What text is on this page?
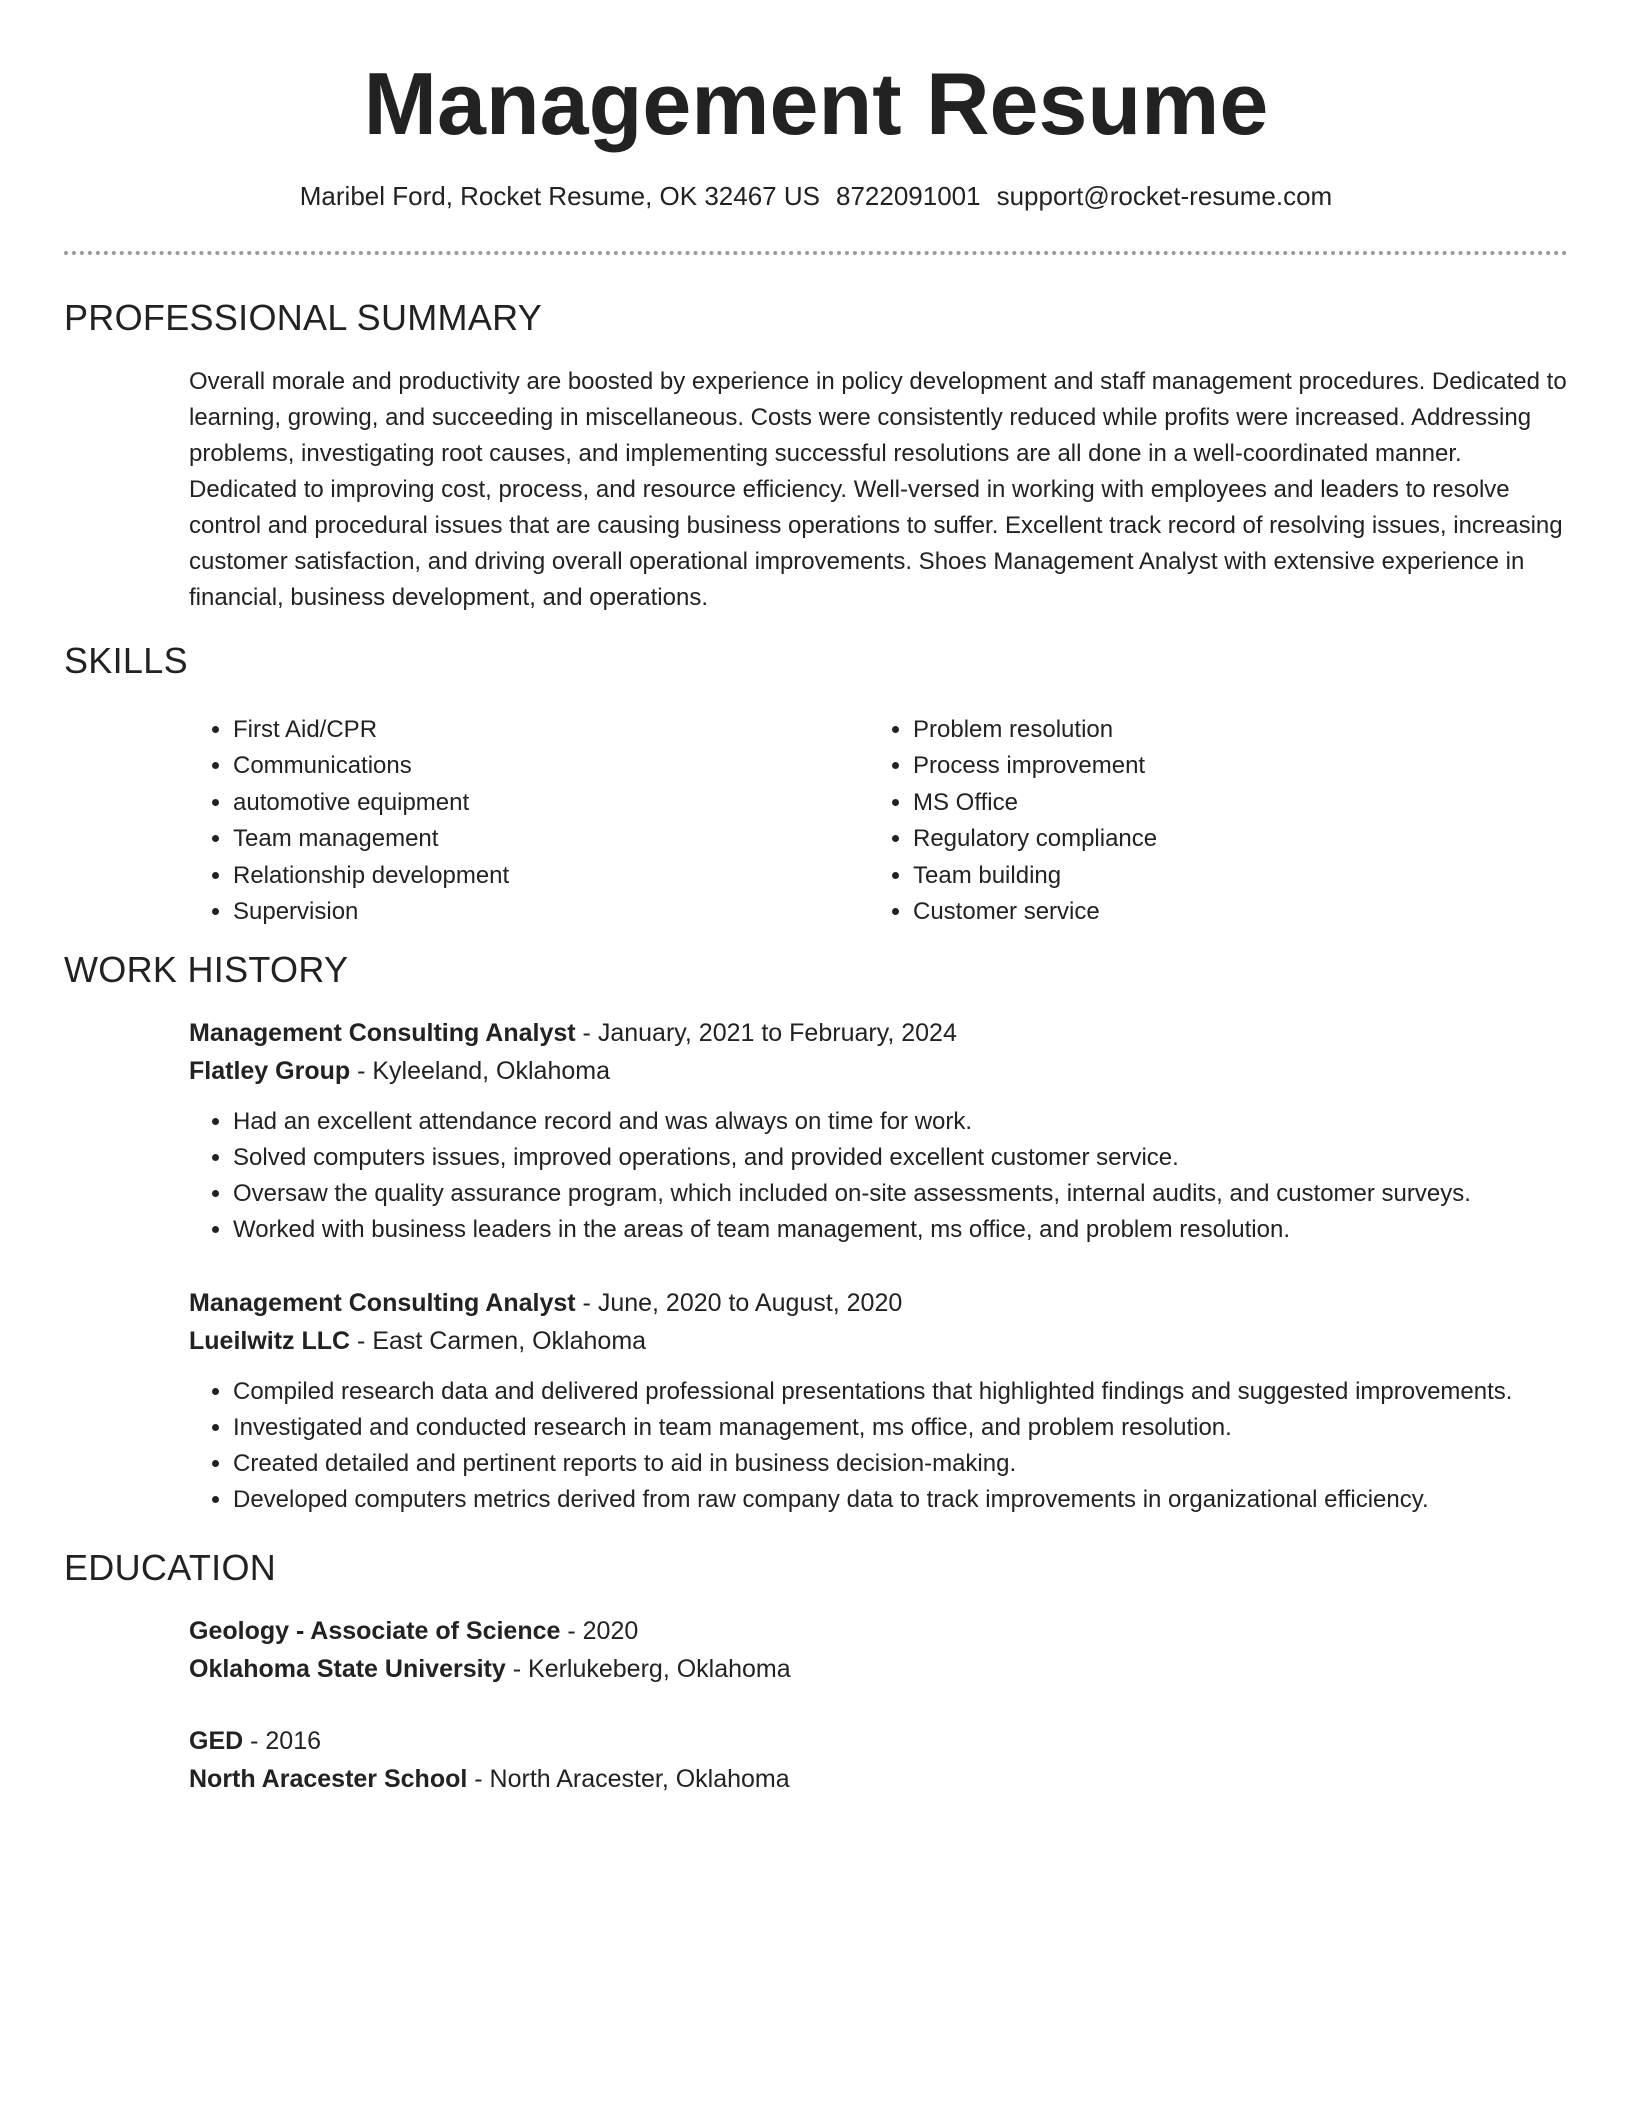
Management Resume
Maribel Ford, Rocket Resume, OK 32467 US 8722091001 support@rocket-resume.com
PROFESSIONAL SUMMARY

Overall morale and productivity are boosted by experience in policy development and staff management procedures. Dedicated to learning, growing, and succeeding in miscellaneous. Costs were consistently reduced while profits were increased. Addressing problems, investigating root causes, and implementing successful resolutions are all done in a well-coordinated manner. Dedicated to improving cost, process, and resource efficiency. Well-versed in working with employees and leaders to resolve control and procedural issues that are causing business operations to suffer. Excellent track record of resolving issues, increasing customer satisfaction, and driving overall operational improvements. Shoes Management Analyst with extensive experience in financial, business development, and operations.

SKILLS
• First Aid/CPR
• Communications
• automotive equipment
• Team management
• Relationship development
• Supervision
• Problem resolution
• Process improvement
• MS Office
• Regulatory compliance
• Team building
• Customer service
WORK HISTORY

Management Consulting Analyst - January, 2021 to February, 2024

Flatley Group - Kyleeland, Oklahoma

• Had an excellent attendance record and was always on time for work.
• Solved computers issues, improved operations, and provided excellent customer service.
• Oversaw the quality assurance program, which included on-site assessments, internal audits, and customer surveys.
• Worked with business leaders in the areas of team management, ms office, and problem resolution.

Management Consulting Analyst - June, 2020 to August, 2020

Lueilwitz LLC - East Carmen, Oklahoma

• Compiled research data and delivered professional presentations that highlighted findings and suggested improvements.
• Investigated and conducted research in team management, ms office, and problem resolution.
• Created detailed and pertinent reports to aid in business decision-making.
• Developed computers metrics derived from raw company data to track improvements in organizational efficiency.
EDUCATION

Geology - Associate of Science - 2020

Oklahoma State University - Kerlukeberg, Oklahoma

GED - 2016

North Aracester School - North Aracester, Oklahoma
